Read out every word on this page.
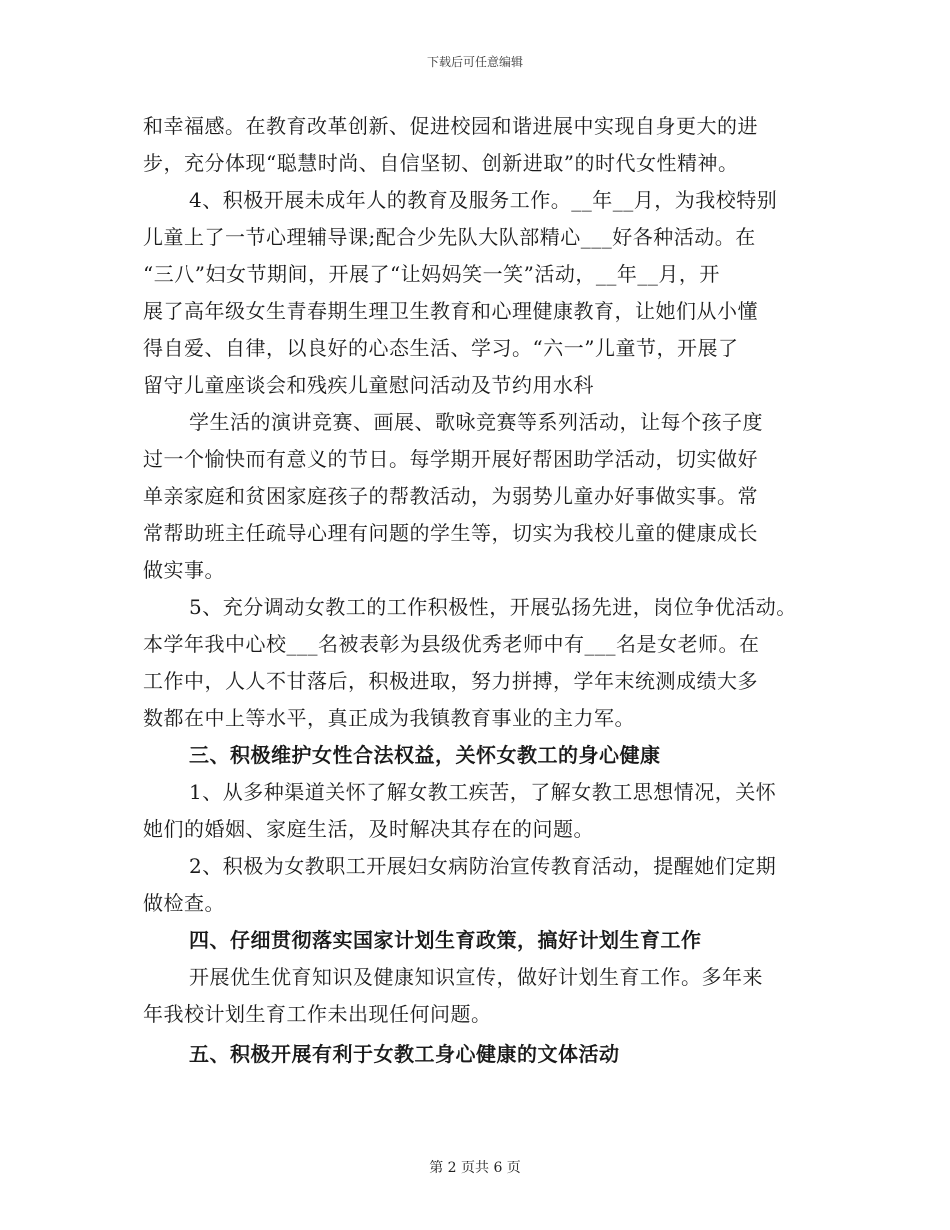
下载后可任意编辑
和幸福感。在教育改革创新、促进校园和谐进展中实现自身更大的进
步，充分体现“聪慧时尚、自信坚韧、创新进取”的时代女性精神。
4、积极开展未成年人的教育及服务工作。__年__月，为我校特别
儿童上了一节心理辅导课;配合少先队大队部精心___好各种活动。在
“三八”妇女节期间，开展了“让妈妈笑一笑”活动，__年__月，开
展了高年级女生青春期生理卫生教育和心理健康教育，让她们从小懂
得自爱、自律，以良好的心态生活、学习。“六一”儿童节，开展了
留守儿童座谈会和残疾儿童慰问活动及节约用水科
学生活的演讲竞赛、画展、歌咏竞赛等系列活动，让每个孩子度
过一个愉快而有意义的节日。每学期开展好帮困助学活动，切实做好
单亲家庭和贫困家庭孩子的帮教活动，为弱势儿童办好事做实事。常
常帮助班主任疏导心理有问题的学生等，切实为我校儿童的健康成长
做实事。
5、充分调动女教工的工作积极性，开展弘扬先进，岗位争优活动。
本学年我中心校___名被表彰为县级优秀老师中有___名是女老师。在
工作中，人人不甘落后，积极进取，努力拼搏，学年末统测成绩大多
数都在中上等水平，真正成为我镇教育事业的主力军。
三、积极维护女性合法权益，关怀女教工的身心健康
1、从多种渠道关怀了解女教工疾苦，了解女教工思想情况，关怀
她们的婚姻、家庭生活，及时解决其存在的问题。
2、积极为女教职工开展妇女病防治宣传教育活动，提醒她们定期
做检查。
四、仔细贯彻落实国家计划生育政策，搞好计划生育工作
开展优生优育知识及健康知识宣传，做好计划生育工作。多年来
年我校计划生育工作未出现任何问题。
五、积极开展有利于女教工身心健康的文体活动
第 2 页共 6 页
